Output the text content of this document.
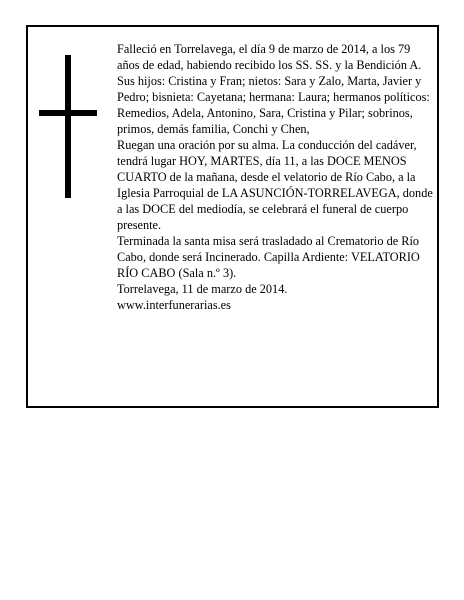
Falleció en Torrelavega, el día 9 de marzo de 2014, a los 79 años de edad, habiendo recibido los SS. SS. y la Bendición A.

Sus hijos: Cristina y Fran; nietos: Sara y Zalo, Marta, Javier y Pedro; bisnieta: Cayetana; hermana: Laura; hermanos políticos: Remedios, Adela, Antonino, Sara, Cristina y Pilar; sobrinos, primos, demás familia, Conchi y Chen,

Ruegan una oración por su alma. La conducción del cadáver, tendrá lugar HOY, MARTES, día 11, a las DOCE MENOS CUARTO de la mañana, desde el velatorio de Río Cabo, a la Iglesia Parroquial de LA ASUNCIÓN-TORRELAVEGA, donde a las DOCE del mediodía, se celebrará el funeral de cuerpo presente.

Terminada la santa misa será trasladado al Crematorio de Río Cabo, donde será Incinerado. Capilla Ardiente: VELATORIO RÍO CABO (Sala n.º 3).

Torrelavega, 11 de marzo de 2014.

www.interfunerarias.es
